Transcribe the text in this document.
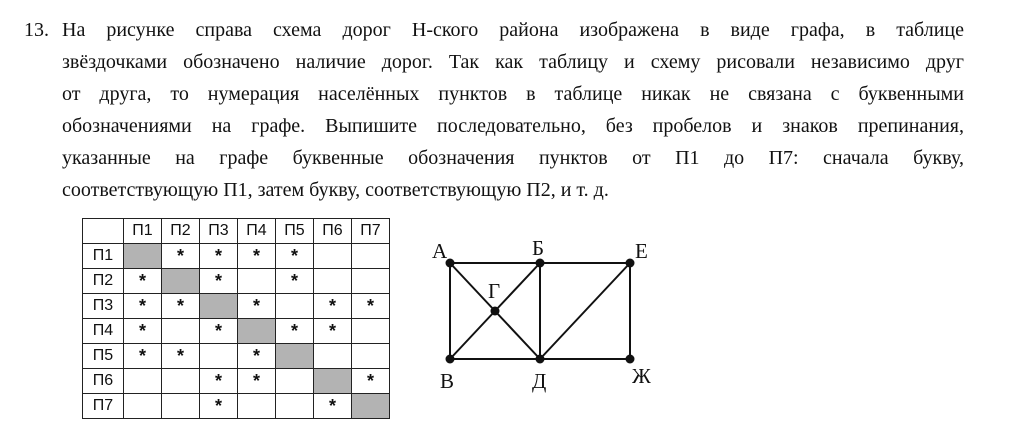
13. На рисунке справа схема дорог Н-ского района изображена в виде графа, в таблице
звёздочками обозначено наличие дорог. Так как таблицу и схему рисовали независимо друг
от друга, то нумерация населённых пунктов в таблице никак не связана с буквенными
обозначениями на графе. Выпишите последовательно, без пробелов и знаков препинания,
указанные на графе буквенные обозначения пунктов от П1 до П7: сначала букву,
соответствующую П1, затем букву, соответствующую П2, и т. д.
	П1	П2	П3	П4	П5	П6	П7
П1		*	*	*	*		
П2	*		*		*		
П3	*	*		*		*	*
П4	*		*		*	*	
П5	*	*		*			
П6			*	*			*
П7			*			*	
А	Б	Е
Г
В	Д	Ж
